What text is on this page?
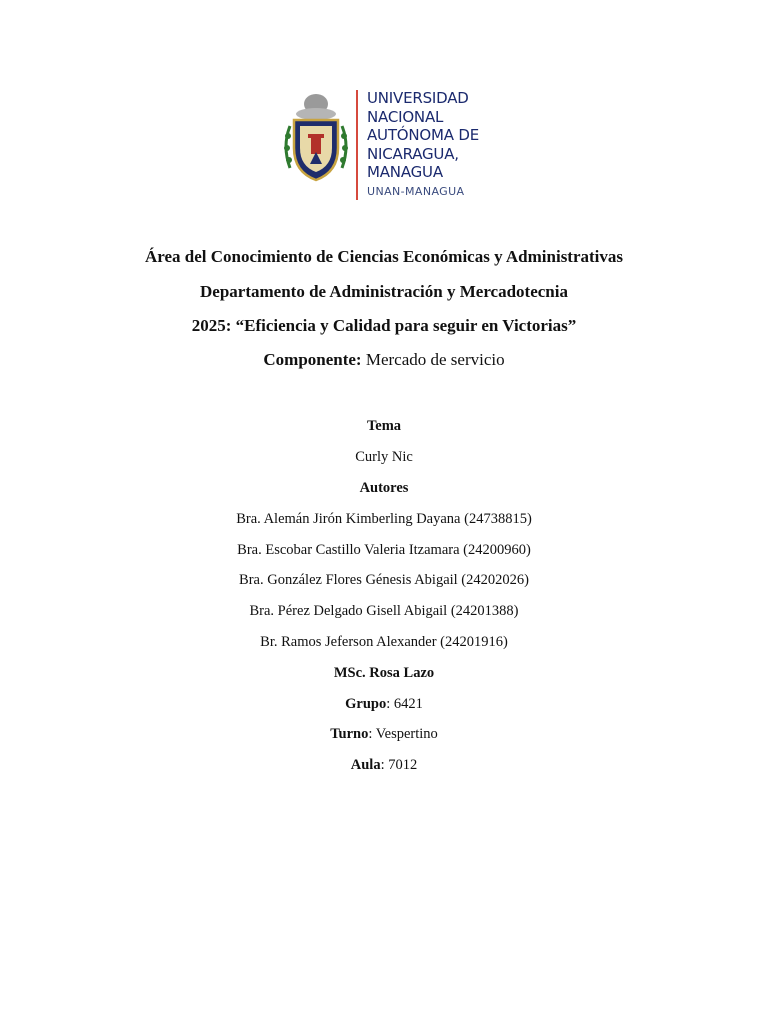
UNIVERSIDAD
NACIONAL
AUTÓNOMA DE
NICARAGUA,
MANAGUA
UNAN-MANAGUA
Área del Conocimiento de Ciencias Económicas y Administrativas
Departamento de Administración y Mercadotecnia
2025: “Eficiencia y Calidad para seguir en Victorias”
Componente: Mercado de servicio
Tema
Curly Nic
Autores
Bra. Alemán Jirón Kimberling Dayana (24738815)
Bra. Escobar Castillo Valeria Itzamara (24200960)
Bra. González Flores Génesis Abigail (24202026)
Bra. Pérez Delgado Gisell Abigail (24201388)
Br. Ramos Jeferson Alexander (24201916)
MSc. Rosa Lazo
Grupo: 6421
Turno: Vespertino
Aula: 7012
